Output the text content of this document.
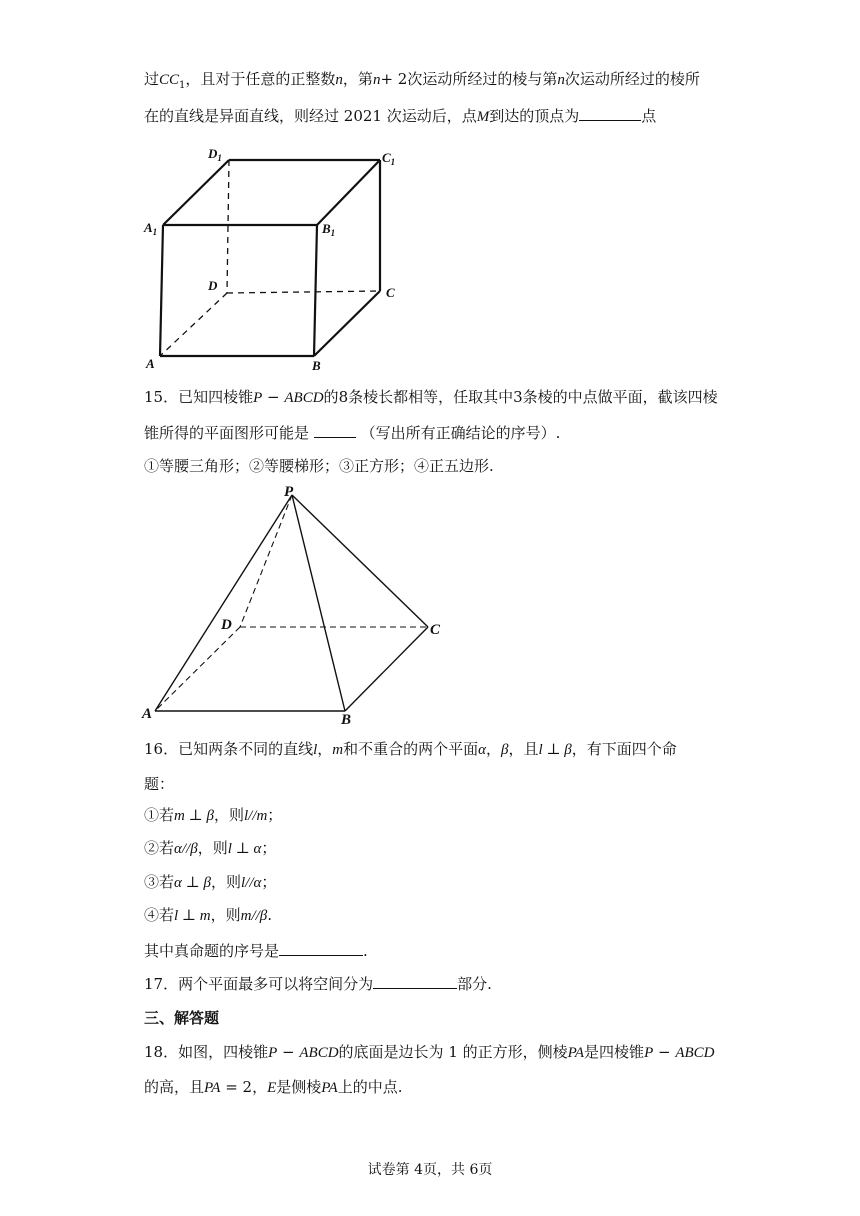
过$CC_1$，且对于任意的正整数n，第n+ 2次运动所经过的棱与第n次运动所经过的棱所
在的直线是异面直线，则经过 2021 次运动后，点M到达的顶点为	点
$D_1$	$C_1$
$A_1$	$B_1$
D	C
A	B
15．已知四棱锥P − ABCD的8条棱长都相等，任取其中3条棱的中点做平面，截该四棱
锥所得的平面图形可能是	（写出所有正确结论的序号）.
①等腰三角形；②等腰梯形；③正方形；④正五边形.
P
D	C
A	B
16．已知两条不同的直线l，m和不重合的两个平面α，β，且l ⊥ β，有下面四个命
题：
①若m ⊥ β，则l//m；
②若α//β，则l ⊥ α；
③若α ⊥ β，则l//α；
④若l ⊥ m，则m//β.
其中真命题的序号是	.
17．两个平面最多可以将空间分为	部分.
三、解答题
18．如图，四棱锥P − ABCD的底面是边长为 1 的正方形，侧棱PA是四棱锥P − ABCD
的高，且PA = 2，E是侧棱PA上的中点.
试卷第 4页，共 6页
